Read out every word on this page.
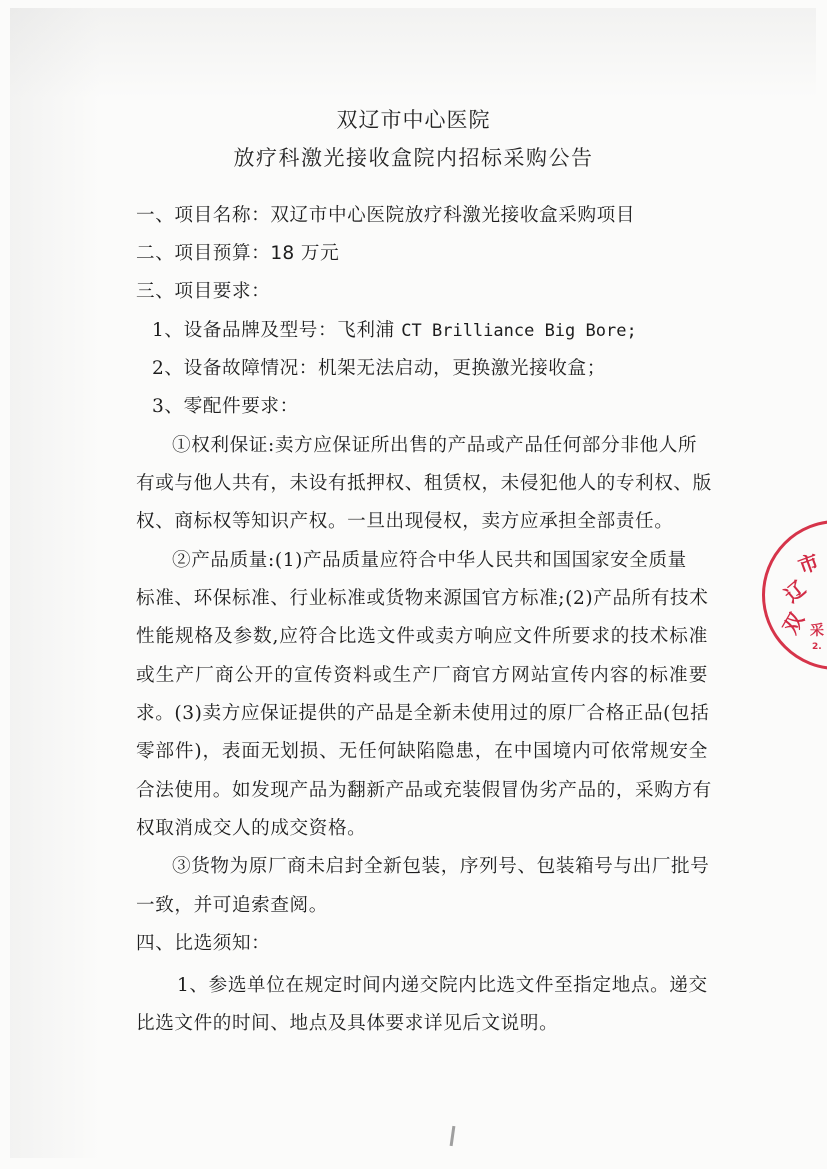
双辽市中心医院
放疗科激光接收盒院内招标采购公告
一、项目名称：双辽市中心医院放疗科激光接收盒采购项目
二、项目预算：18 万元
三、项目要求：
1、设备品牌及型号：飞利浦 CT Brilliance Big Bore;
2、设备故障情况：机架无法启动，更换激光接收盒；
3、零配件要求：
①权利保证:卖方应保证所出售的产品或产品任何部分非他人所
有或与他人共有，未设有抵押权、租赁权，未侵犯他人的专利权、版
权、商标权等知识产权。一旦出现侵权，卖方应承担全部责任。
②产品质量:(1)产品质量应符合中华人民共和国国家安全质量
标准、环保标准、行业标准或货物来源国官方标准;(2)产品所有技术
性能规格及参数,应符合比选文件或卖方响应文件所要求的技术标准
或生产厂商公开的宣传资料或生产厂商官方网站宣传内容的标准要
求。(3)卖方应保证提供的产品是全新未使用过的原厂合格正品(包括
零部件)，表面无划损、无任何缺陷隐患，在中国境内可依常规安全
合法使用。如发现产品为翻新产品或充装假冒伪劣产品的，采购方有
权取消成交人的成交资格。
③货物为原厂商未启封全新包装，序列号、包装箱号与出厂批号
一致，并可追索查阅。
四、比选须知：
1、参选单位在规定时间内递交院内比选文件至指定地点。递交
比选文件的时间、地点及具体要求详见后文说明。
双
辽
市
采
2.
